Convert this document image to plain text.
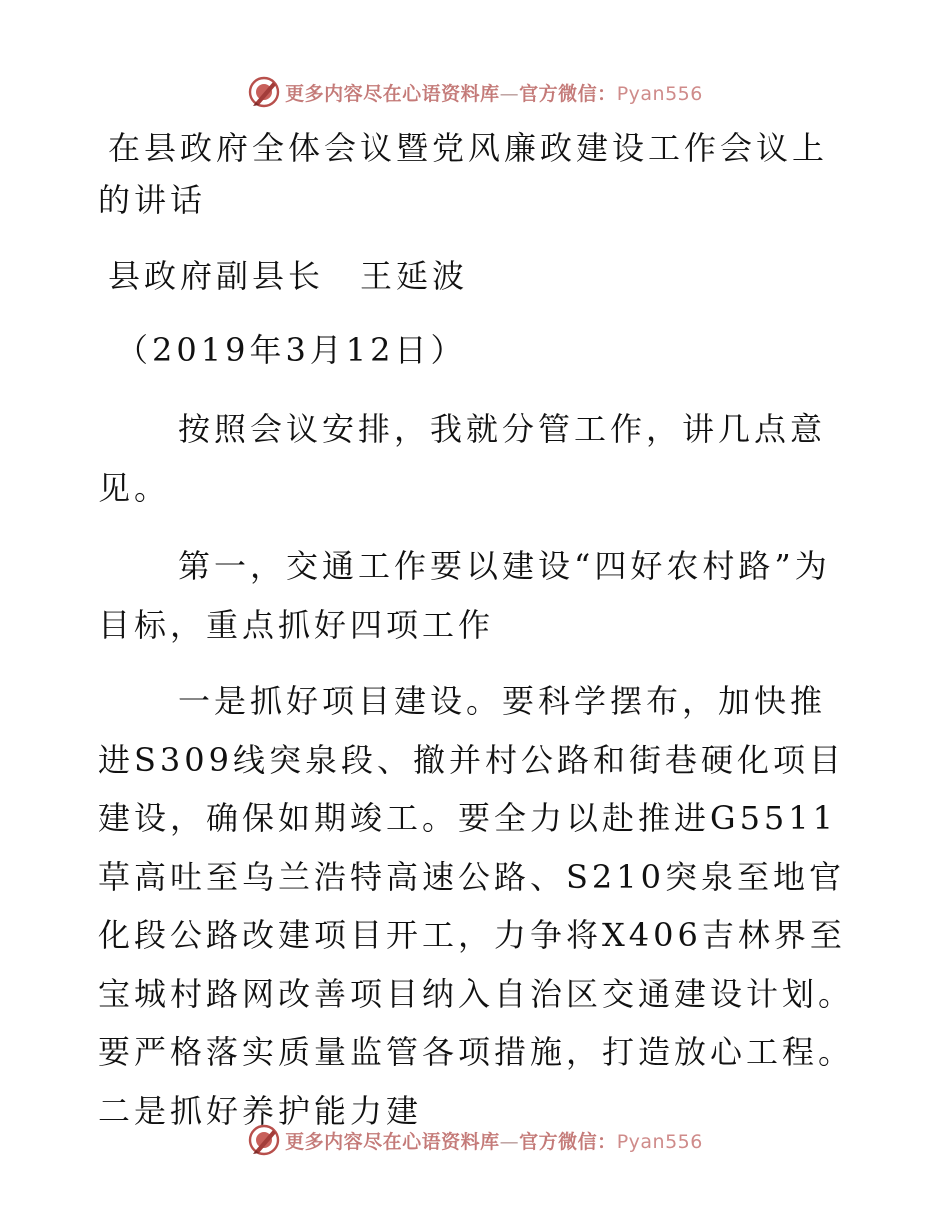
更多内容尽在心语资料库—官方微信：Pyan556

在县政府全体会议暨党风廉政建设工作会议上的讲话

县政府副县长　王延波

（2019年3月12日）

按照会议安排，我就分管工作，讲几点意见。

第一，交通工作要以建设“四好农村路”为目标，重点抓好四项工作

一是抓好项目建设。要科学摆布，加快推进S309线突泉段、撤并村公路和街巷硬化项目建设，确保如期竣工。要全力以赴推进G5511草高吐至乌兰浩特高速公路、S210突泉至地官化段公路改建项目开工，力争将X406吉林界至宝城村路网改善项目纳入自治区交通建设计划。要严格落实质量监管各项措施，打造放心工程。二是抓好养护能力建

更多内容尽在心语资料库—官方微信：Pyan556
